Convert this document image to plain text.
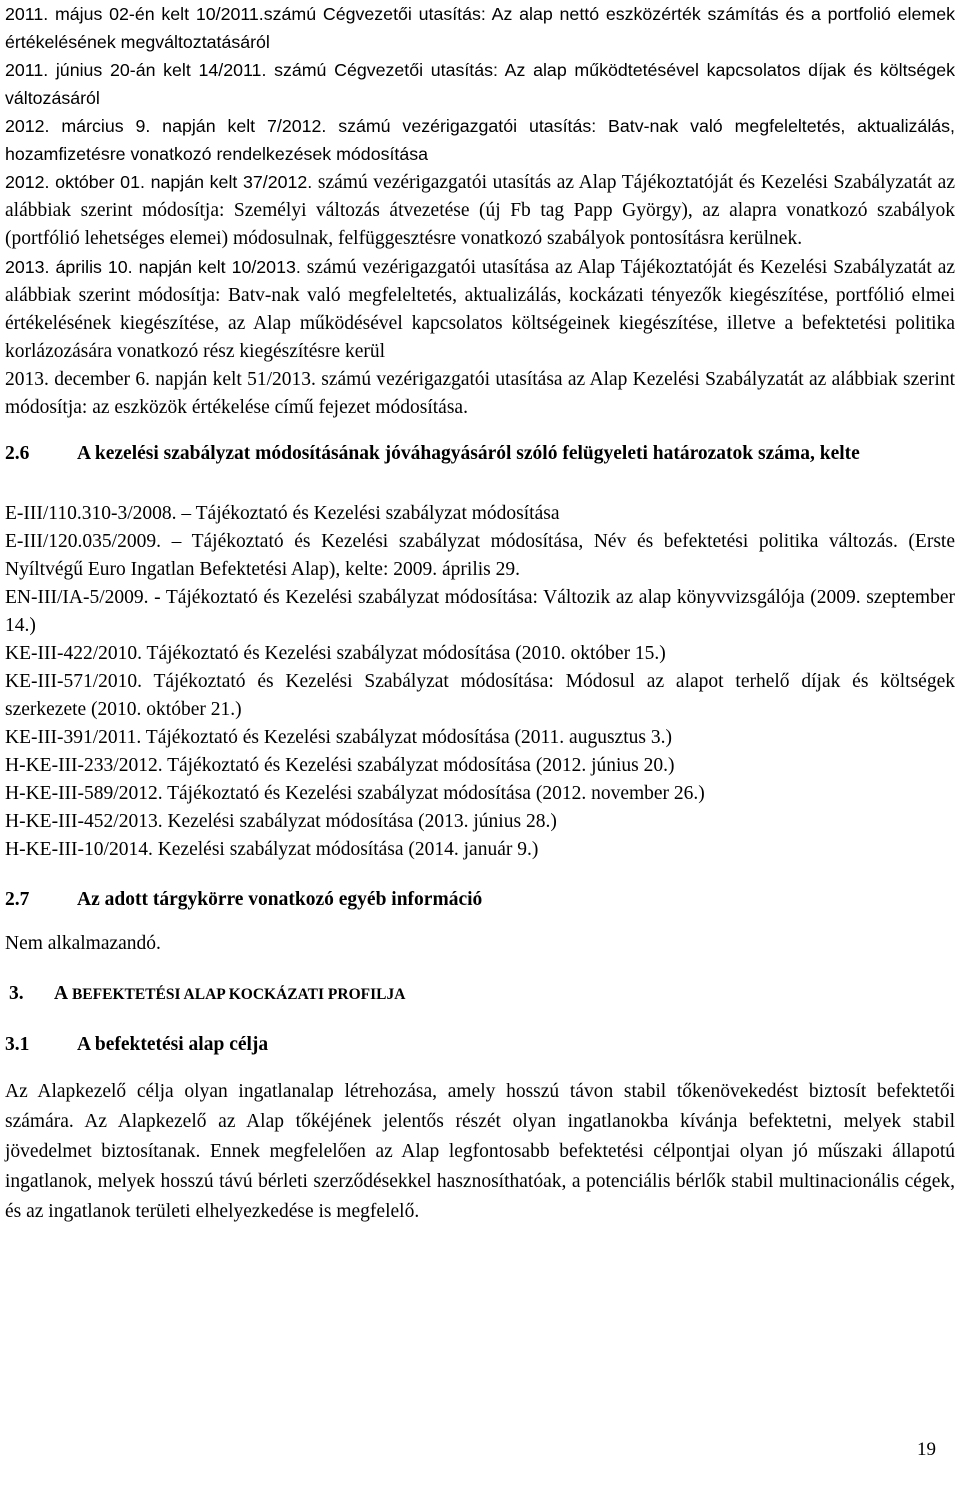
2011. május 02-én kelt 10/2011.számú Cégvezetői utasítás: Az alap nettó eszközérték számítás és a portfolió elemek értékelésének megváltoztatásáról

2011. június 20-án kelt 14/2011. számú Cégvezetői utasítás: Az alap működtetésével kapcsolatos díjak és költségek változásáról

2012. március 9. napján kelt 7/2012. számú vezérigazgatói utasítás: Batv-nak való megfeleltetés, aktualizálás, hozamfizetésre vonatkozó rendelkezések módosítása

2012. október 01. napján kelt 37/2012. számú vezérigazgatói utasítás az Alap Tájékoztatóját és Kezelési Szabályzatát az alábbiak szerint módosítja: Személyi változás átvezetése (új Fb tag Papp György), az alapra vonatkozó szabályok (portfólió lehetséges elemei) módosulnak, felfüggesztésre vonatkozó szabályok pontosításra kerülnek.

2013. április 10. napján kelt 10/2013. számú vezérigazgatói utasítása az Alap Tájékoztatóját és Kezelési Szabályzatát az alábbiak szerint módosítja: Batv-nak való megfeleltetés, aktualizálás, kockázati tényezők kiegészítése, portfólió elmei értékelésének kiegészítése, az Alap működésével kapcsolatos költségeinek kiegészítése, illetve a befektetési politika korlázozására vonatkozó rész kiegészítésre kerül

2013. december 6. napján kelt 51/2013. számú vezérigazgatói utasítása az Alap Kezelési Szabályzatát az alábbiak szerint módosítja: az eszközök értékelése című fejezet módosítása.

2.6	A kezelési szabályzat módosításának jóváhagyásáról szóló felügyeleti határozatok száma, kelte

E-III/110.310-3/2008. – Tájékoztató és Kezelési szabályzat módosítása

E-III/120.035/2009. – Tájékoztató és Kezelési szabályzat módosítása, Név és befektetési politika változás. (Erste Nyíltvégű Euro Ingatlan Befektetési Alap), kelte: 2009. április 29.

EN-III/IA-5/2009. - Tájékoztató és Kezelési szabályzat módosítása: Változik az alap könyvvizsgálója (2009. szeptember 14.)

KE-III-422/2010. Tájékoztató és Kezelési szabályzat módosítása (2010. október 15.)

KE-III-571/2010. Tájékoztató és Kezelési Szabályzat módosítása: Módosul az alapot terhelő díjak és költségek szerkezete (2010. október 21.)

KE-III-391/2011. Tájékoztató és Kezelési szabályzat módosítása (2011. augusztus 3.)

H-KE-III-233/2012. Tájékoztató és Kezelési szabályzat módosítása (2012. június 20.)

H-KE-III-589/2012. Tájékoztató és Kezelési szabályzat módosítása (2012. november 26.)

H-KE-III-452/2013. Kezelési szabályzat módosítása (2013. június 28.)

H-KE-III-10/2014. Kezelési szabályzat módosítása (2014. január 9.)

2.7	Az adott tárgykörre vonatkozó egyéb információ

Nem alkalmazandó.

3.	A BEFEKTETÉSI ALAP KOCKÁZATI PROFILJA
3.1	A befektetési alap célja

Az Alapkezelő célja olyan ingatlanalap létrehozása, amely hosszú távon stabil tőkenövekedést biztosít befektetői számára. Az Alapkezelő az Alap tőkéjének jelentős részét olyan ingatlanokba kívánja befektetni, melyek stabil jövedelmet biztosítanak. Ennek megfelelően az Alap legfontosabb befektetési célpontjai olyan jó műszaki állapotú ingatlanok, melyek hosszú távú bérleti szerződésekkel hasznosíthatóak, a potenciális bérlők stabil multinacionális cégek, és az ingatlanok területi elhelyezkedése is megfelelő.

19
